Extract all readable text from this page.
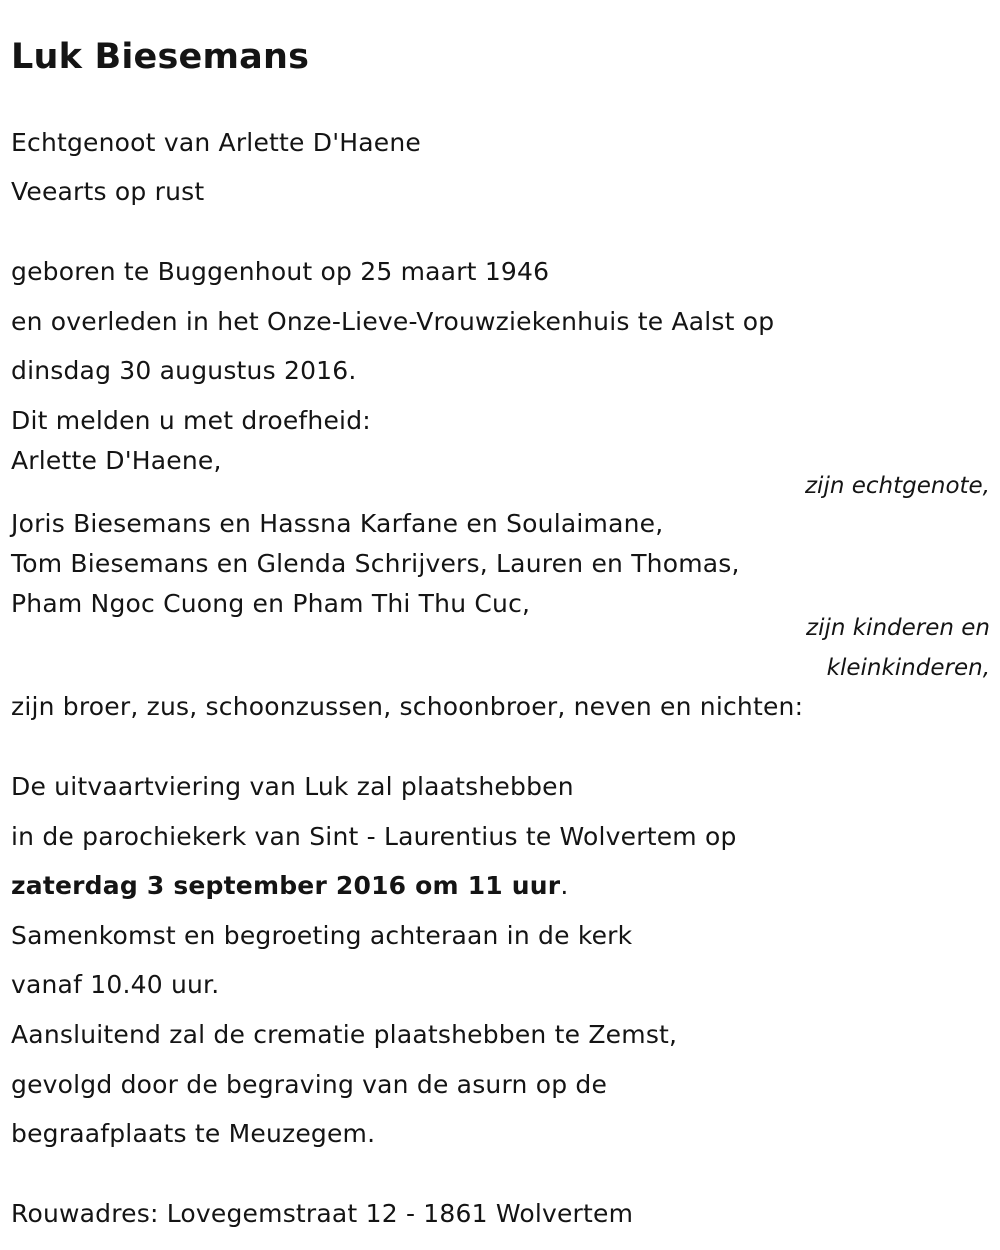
Luk Biesemans
Echtgenoot van Arlette D'Haene
Veearts op rust
geboren te Buggenhout op 25 maart 1946
en overleden in het Onze-Lieve-Vrouwziekenhuis te Aalst op
dinsdag 30 augustus 2016.
Dit melden u met droefheid:
Arlette D'Haene,
zijn echtgenote,
Joris Biesemans en Hassna Karfane en Soulaimane,
Tom Biesemans en Glenda Schrijvers, Lauren en Thomas,
Pham Ngoc Cuong en Pham Thi Thu Cuc,
zijn kinderen en
kleinkinderen,
zijn broer, zus, schoonzussen, schoonbroer, neven en nichten:
De uitvaartviering van Luk zal plaatshebben
in de parochiekerk van Sint - Laurentius te Wolvertem op
zaterdag 3 september 2016 om 11 uur.
Samenkomst en begroeting achteraan in de kerk
vanaf 10.40 uur.
Aansluitend zal de crematie plaatshebben te Zemst,
gevolgd door de begraving van de asurn op de
begraafplaats te Meuzegem.
Rouwadres: Lovegemstraat 12 - 1861 Wolvertem
